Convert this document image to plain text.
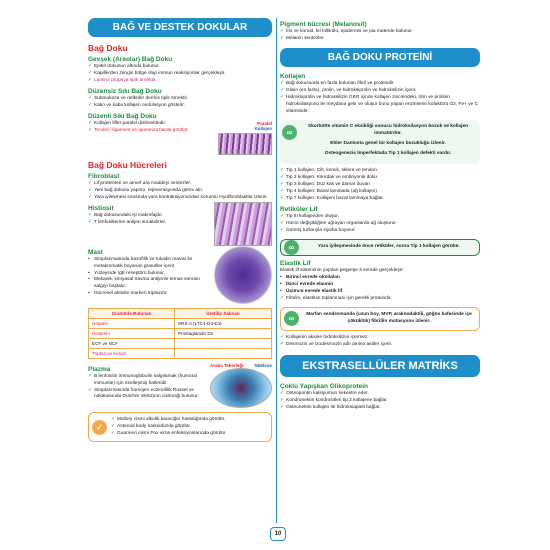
BAĞ VE DESTEK DOKULAR
Bağ Doku
Gevşek (Areolar) Bağ Doku
✓ Epitel dokunun altında bulunur.
✓ Kapillerden zengin bölge olup immun reaksiyonlar gerçekleşir.
✓ Lamina propriya tipik örnektir.
Düzensiz Sıkı Bağ Doku
✓ Submukoza ve retiküler dermis tipik örnektir.
✓ Kalın ve kaba kollajen ondulasyon gösterir.
Düzenli Sıkı Bağ Doku
✓ Kollajen lifler paralel dizilmektedir.
✓ Tendon, ligament ve aponevrozlarda görülür.
Paralel
Kollajen
Bağ Doku Hücreleri
Fibroblast
✓ Lif proteinleri ve amorf ara maddeyi sentezler.
✓ Yeni bağ dokusu yapımı, rejenerasyonda görev alır.
✓ Yara iyileşmesi sırasında yara kontraksiyonundan sorumlu myofibroblastlar izlenir.
Histiosit
✓ Bağ dokusundaki işi makrofajdır.
✓ T lenfositlerine antijen sunabilirler.
Mast
• Sitoplazmasında bazofilik ve toluidin mavisi ile metakromatik boyanan granüller içerir.
• Yüzeyinde IgE reseptörü bulunur.
• Mekanik, kimyasal travma antijenle temas sonrası salgıyı başlatır.
• Hücresel aktivite markeri triptazdır.
Granülde Bulunan	Üretilip Salınan
Heparin	SRS-A (LTC4-D4-E4)
Histamin	Prostaglandin D2
ECF ve NCF	
Triptaz ve Kimaz	
Plazma
✓ B lenfositin immunoglobulin salgılamak (humoral immunite) için özelleşmiş halleridir.
✓ Sitoplazmasında homojen eozinofilik Russel ve nükleusunda Dutcher inklüzyon cisimciği bulunur.
Araba Tekerleği Nükleus
✓
✓ Mallory cismi alkolik karaciğer hastalığında görülür.
✓ Asteroid body sarkoidozda görülür.
✓ Guarnieri cismi Pox virüs enfeksiyonlarında görülür.
Pigment hücresi (Melanosit)
✓ İris ve koroid, kıl follikülü, epidermis ve pia materde bulunur.
✓ Melanin sentezler.
BAĞ DOKU PROTEİNİ
Kollajen
✓ Bağ dokusunda en fazla bulunan fibril ve proteindir.
✓ Glisin (en fazla), prolin, ve hidroksiprolin ve hidroksilizin içerir.
✓ Hidroksiprolin ve hidroksilizin GER içinde kollajen zincirindeki, lizin ve prolinin hidroksilasyonu ile meydana gelir ve oluşur bunu yapan enzimlerin kofaktörü O2, Fe+ ve C vitaminidir.
∞
Skorbütte vitamin C eksikliği sonucu hidroksilasyon bozuk ve kollajen immatürdür.
Ehler Danlosta genel bir kollajen bozukluğu izlenir.
Osteogenezis İmperfektada Tip 1 kollajen defekti vardır.
✓ Tip 1 kollajen: Cilt, kemik, sklera ve tendon
✓ Tip 2 kollajen: Kıkırdak ve embriyonik doku
✓ Tip 3 kollajen: Düz kas ve damar duvarı
✓ Tip 4 kollajen: Bazal laminada (ağ kollajen)
✓ Tip 7 kollajen: Kollajeni bazal laminaya bağlar.
Retiküler Lif
✓ Tip III kollajenden oluşur.
✓ Hücre değişikliğine uğrayan organlarda ağ oluşturur.
✓ Gümüş tuzlarıyla siyaha boyanır.
∞	Yara iyileşmesinde önce retiküler, sonra Tip 1 kollajen görülür.
Elastik Lif
Elastik lif sisteminin yapılan peşpeşe 3 evrede gerçekleşir:
• Birinci evrede oksitalan
• İkinci evrede elaunin
• Üçüncü evrede elastik lif
✓ Fibrilin, elastinin toplanması için gerekli proteindir.
∞	Marfan sendromunda (uzun boy, MVP, araknodaktili, göğüs kafesinde içe çöküklük) fibrillin mutasyonu izlenir.
✓ Kollajenin aksine hidroksilizini içermez.
✓ Desmozin ve izodesmozin adlı amino asitler içerir.
EKSTRASELLÜLER MATRİKS
Çoklu Yapışkan Glikoprotein
✓ Osteopontin kalsiyumun sekestre eder.
✓ Kondronektin kondrositleri tip 2 kollajene bağlar.
✓ Osteonektin kollajen ile hidroksiapatit bağlar.
10
